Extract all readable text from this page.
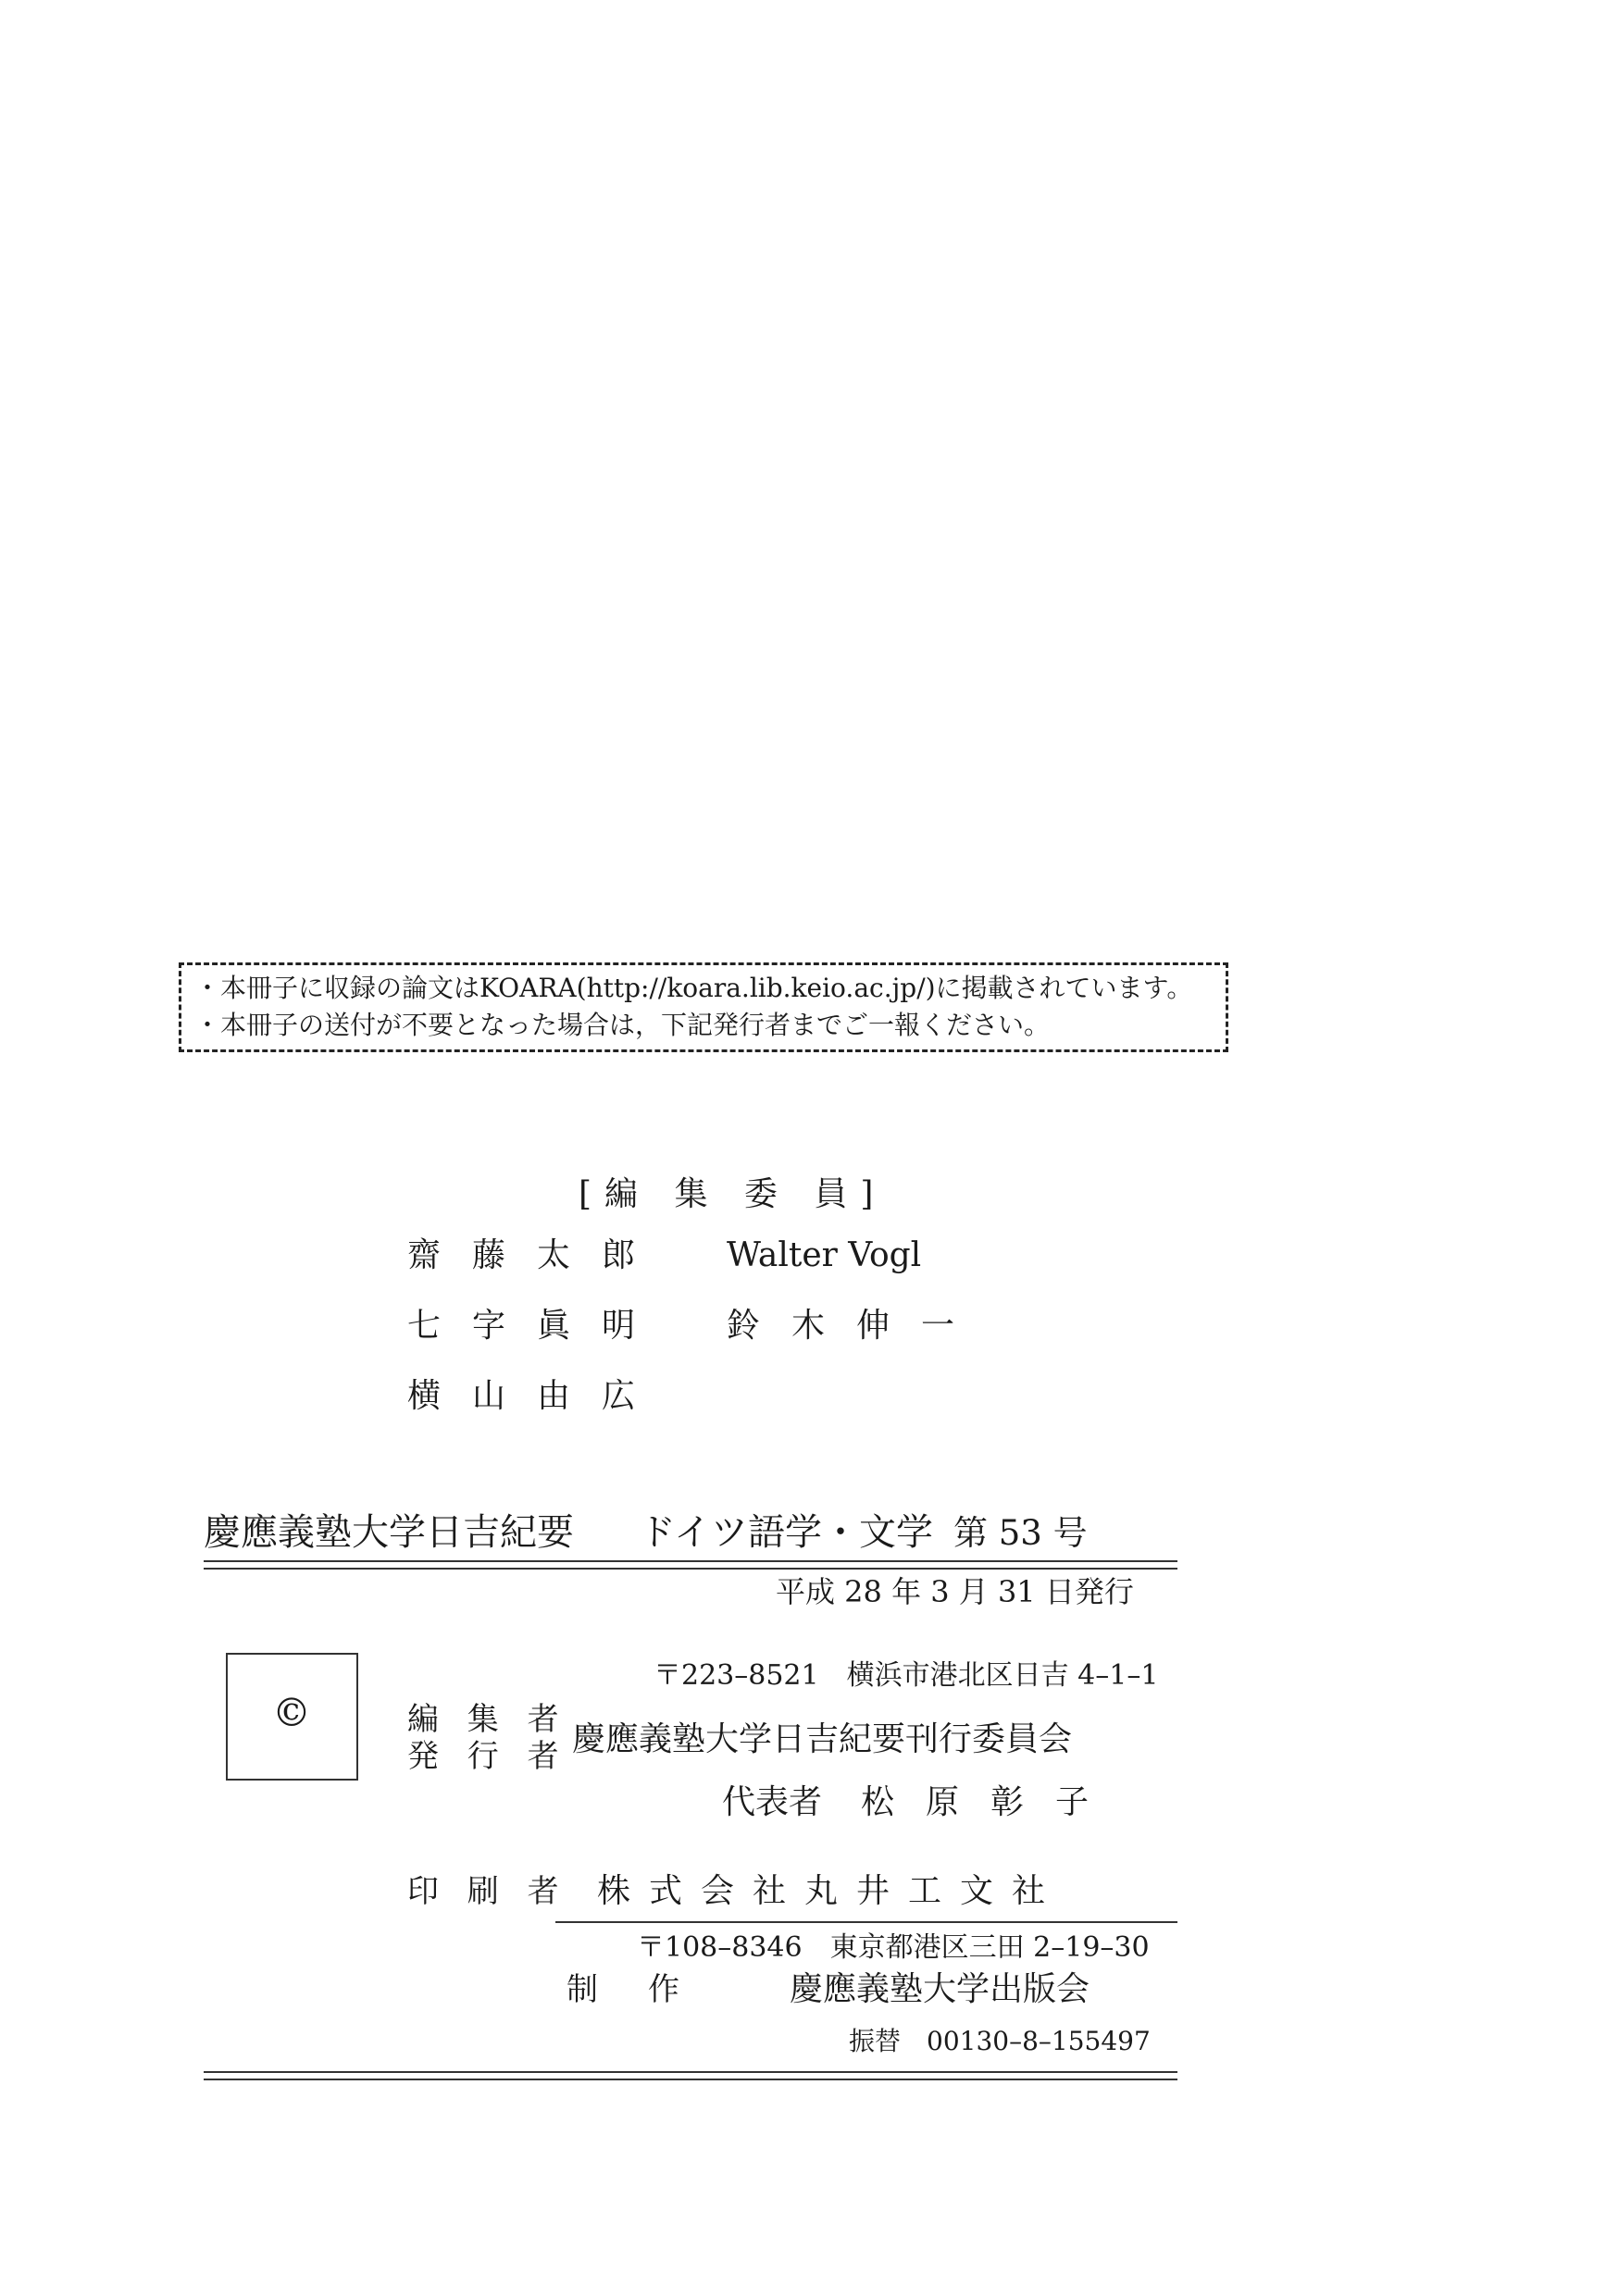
・本冊子に収録の論文はKOARA(http://koara.lib.keio.ac.jp/)に掲載されています。
・本冊子の送付が不要となった場合は，下記発行者までご一報ください。
[編 集 委 員]
齋藤太郎 Walter Vogl
七字眞明 鈴木伸一
横山由広
慶應義塾大学日吉紀要 ドイツ語学・文学 第 53 号
平成 28 年 3 月 31 日発行
©
〒223–8521　横浜市港北区日吉 4–1–1
編 集 者
発 行 者 慶應義塾大学日吉紀要刊行委員会
代表者 松原彰子
印 刷 者 株式会社丸井工文社
〒108–8346　東京都港区三田 2–19–30
制　作	慶應義塾大学出版会
振替　00130–8–155497
